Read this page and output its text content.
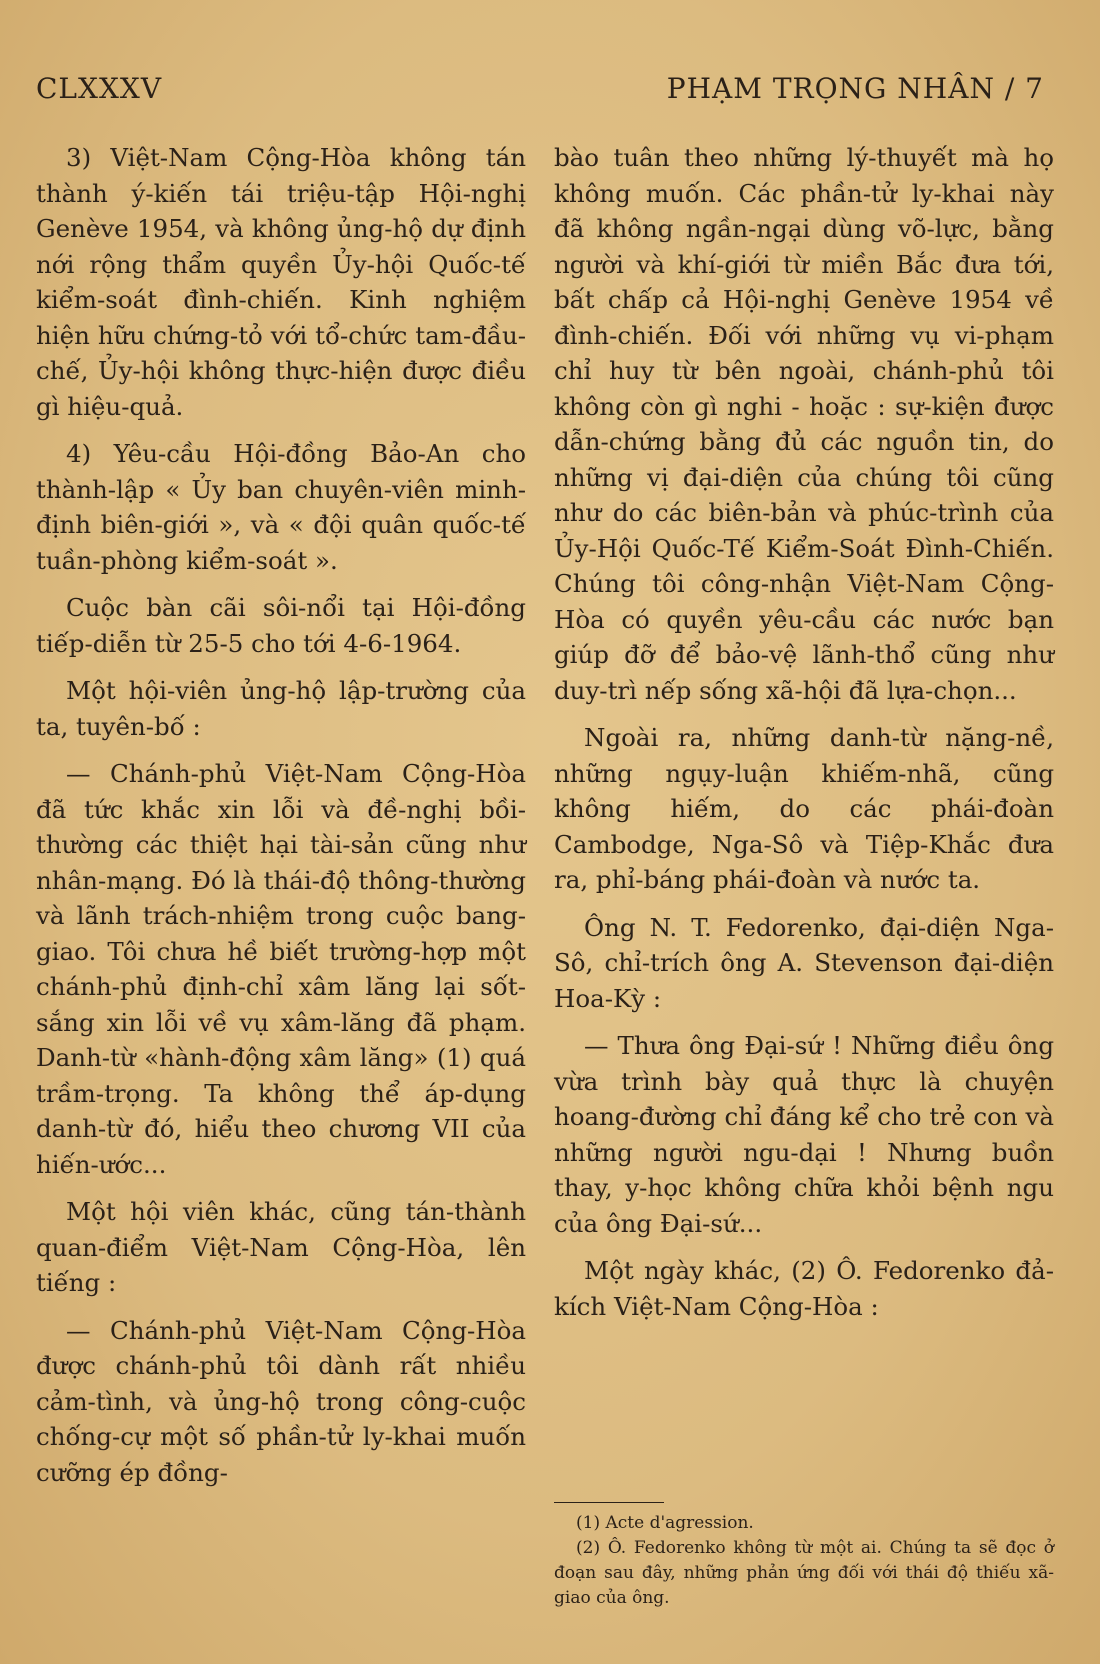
CLXXXV	PHẠM TRỌNG NHÂN / 7

3) Việt-Nam Cộng-Hòa không tán thành ý-kiến tái triệu-tập Hội-nghị Genève 1954, và không ủng-hộ dự định nới rộng thẩm quyền Ủy-hội Quốc-tế kiểm-soát đình-chiến. Kinh nghiệm hiện hữu chứng-tỏ với tổ-chức tam-đầu-chế, Ủy-hội không thực-hiện được điều gì hiệu-quả.

4) Yêu-cầu Hội-đồng Bảo-An cho thành-lập « Ủy ban chuyên-viên minh-định biên-giới », và « đội quân quốc-tế tuần-phòng kiểm-soát ».

Cuộc bàn cãi sôi-nổi tại Hội-đồng tiếp-diễn từ 25-5 cho tới 4-6-1964.

Một hội-viên ủng-hộ lập-trường của ta, tuyên-bố :

— Chánh-phủ Việt-Nam Cộng-Hòa đã tức khắc xin lỗi và đề-nghị bồi-thường các thiệt hại tài-sản cũng như nhân-mạng. Đó là thái-độ thông-thường và lãnh trách-nhiệm trong cuộc bang-giao. Tôi chưa hề biết trường-hợp một chánh-phủ định-chỉ xâm lăng lại sốt-sắng xin lỗi về vụ xâm-lăng đã phạm. Danh-từ «hành-động xâm lăng» (1) quá trầm-trọng. Ta không thể áp-dụng danh-từ đó, hiểu theo chương VII của hiến-ước...

Một hội viên khác, cũng tán-thành quan-điểm Việt-Nam Cộng-Hòa, lên tiếng :

— Chánh-phủ Việt-Nam Cộng-Hòa được chánh-phủ tôi dành rất nhiều cảm-tình, và ủng-hộ trong công-cuộc chống-cự một số phần-tử ly-khai muốn cưỡng ép đồng-

bào tuân theo những lý-thuyết mà họ không muốn. Các phần-tử ly-khai này đã không ngần-ngại dùng võ-lực, bằng người và khí-giới từ miền Bắc đưa tới, bất chấp cả Hội-nghị Genève 1954 về đình-chiến. Đối với những vụ vi-phạm chỉ huy từ bên ngoài, chánh-phủ tôi không còn gì nghi - hoặc : sự-kiện được dẫn-chứng bằng đủ các nguồn tin, do những vị đại-diện của chúng tôi cũng như do các biên-bản và phúc-trình của Ủy-Hội Quốc-Tế Kiểm-Soát Đình-Chiến. Chúng tôi công-nhận Việt-Nam Cộng-Hòa có quyền yêu-cầu các nước bạn giúp đỡ để bảo-vệ lãnh-thổ cũng như duy-trì nếp sống xã-hội đã lựa-chọn...

Ngoài ra, những danh-từ nặng-nề, những ngụy-luận khiếm-nhã, cũng không hiếm, do các phái-đoàn Cambodge, Nga-Sô và Tiệp-Khắc đưa ra, phỉ-báng phái-đoàn và nước ta.

Ông N. T. Fedorenko, đại-diện Nga-Sô, chỉ-trích ông A. Stevenson đại-diện Hoa-Kỳ :

— Thưa ông Đại-sứ ! Những điều ông vừa trình bày quả thực là chuyện hoang-đường chỉ đáng kể cho trẻ con và những người ngu-dại ! Nhưng buồn thay, y-học không chữa khỏi bệnh ngu của ông Đại-sứ...

Một ngày khác, (2) Ô. Fedorenko đả-kích Việt-Nam Cộng-Hòa :

(1) Acte d'agression.

(2) Ô. Fedorenko không từ một ai. Chúng ta sẽ đọc ở đoạn sau đây, những phản ứng đối với thái độ thiếu xã-giao của ông.
